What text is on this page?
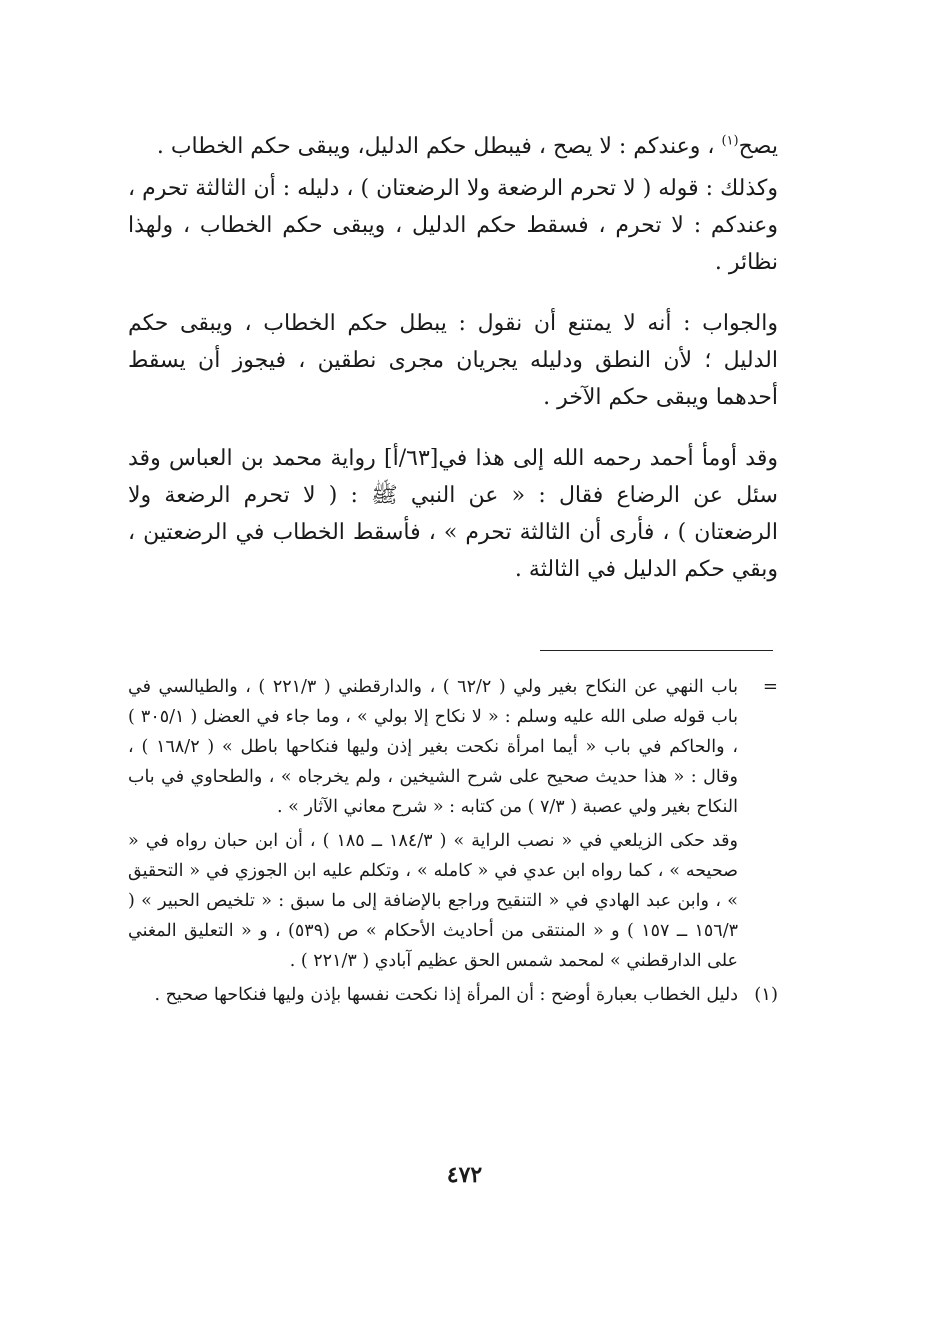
يصح$^{(١)}$ ، وعندكم : لا يصح ، فيبطل حكم الدليل، ويبقى حكم الخطاب .

وكذلك : قوله ( لا تحرم الرضعة ولا الرضعتان ) ، دليله : أن الثالثة تحرم ، وعندكم : لا تحرم ، فسقط حكم الدليل ، ويبقى حكم الخطاب ، ولهذا نظائر .

والجواب : أنه لا يمتنع أن نقول : يبطل حكم الخطاب ، ويبقى حكم الدليل ؛ لأن النطق ودليله يجريان مجرى نطقين ، فيجوز أن يسقط أحدهما ويبقى حكم الآخر .

وقد أومأ أحمد رحمه الله إلى هذا في[٦٣/أ] رواية محمد بن العباس وقد سئل عن الرضاع فقال : « عن النبي ﷺ : ( لا تحرم الرضعة ولا الرضعتان ) ، فأرى أن الثالثة تحرم » ، فأسقط الخطاب في الرضعتين ، وبقي حكم الدليل في الثالثة .

=

باب النهي عن النكاح بغير ولي ( ٦٢/٢ ) ، والدارقطني ( ٢٢١/٣ ) ، والطيالسي في باب قوله صلى الله عليه وسلم : « لا نكاح إلا بولي » ، وما جاء في العضل ( ٣٠٥/١ ) ، والحاكم في باب « أيما امرأة نكحت بغير إذن وليها فنكاحها باطل » ( ١٦٨/٢ ) ، وقال : « هذا حديث صحيح على شرح الشيخين ، ولم يخرجاه » ، والطحاوي في باب النكاح بغير ولي عصبة ( ٧/٣ ) من كتابه : « شرح معاني الآثار » .

وقد حكى الزيلعي في « نصب الراية » ( ١٨٤/٣ ــ ١٨٥ ) ، أن ابن حبان رواه في « صحيحه » ، كما رواه ابن عدي في « كامله » ، وتكلم عليه ابن الجوزي في « التحقيق » ، وابن عبد الهادي في « التنقيح وراجع بالإضافة إلى ما سبق : « تلخيص الحبير » ( ١٥٦/٣ ــ ١٥٧ ) و « المنتقى من أحاديث الأحكام » ص (٥٣٩) ، و « التعليق المغني على الدارقطني » لمحمد شمس الحق عظيم آبادي ( ٢٢١/٣ ) .

(١)

دليل الخطاب بعبارة أوضح : أن المرأة إذا نكحت نفسها بإذن وليها فنكاحها صحيح .

٤٧٢
